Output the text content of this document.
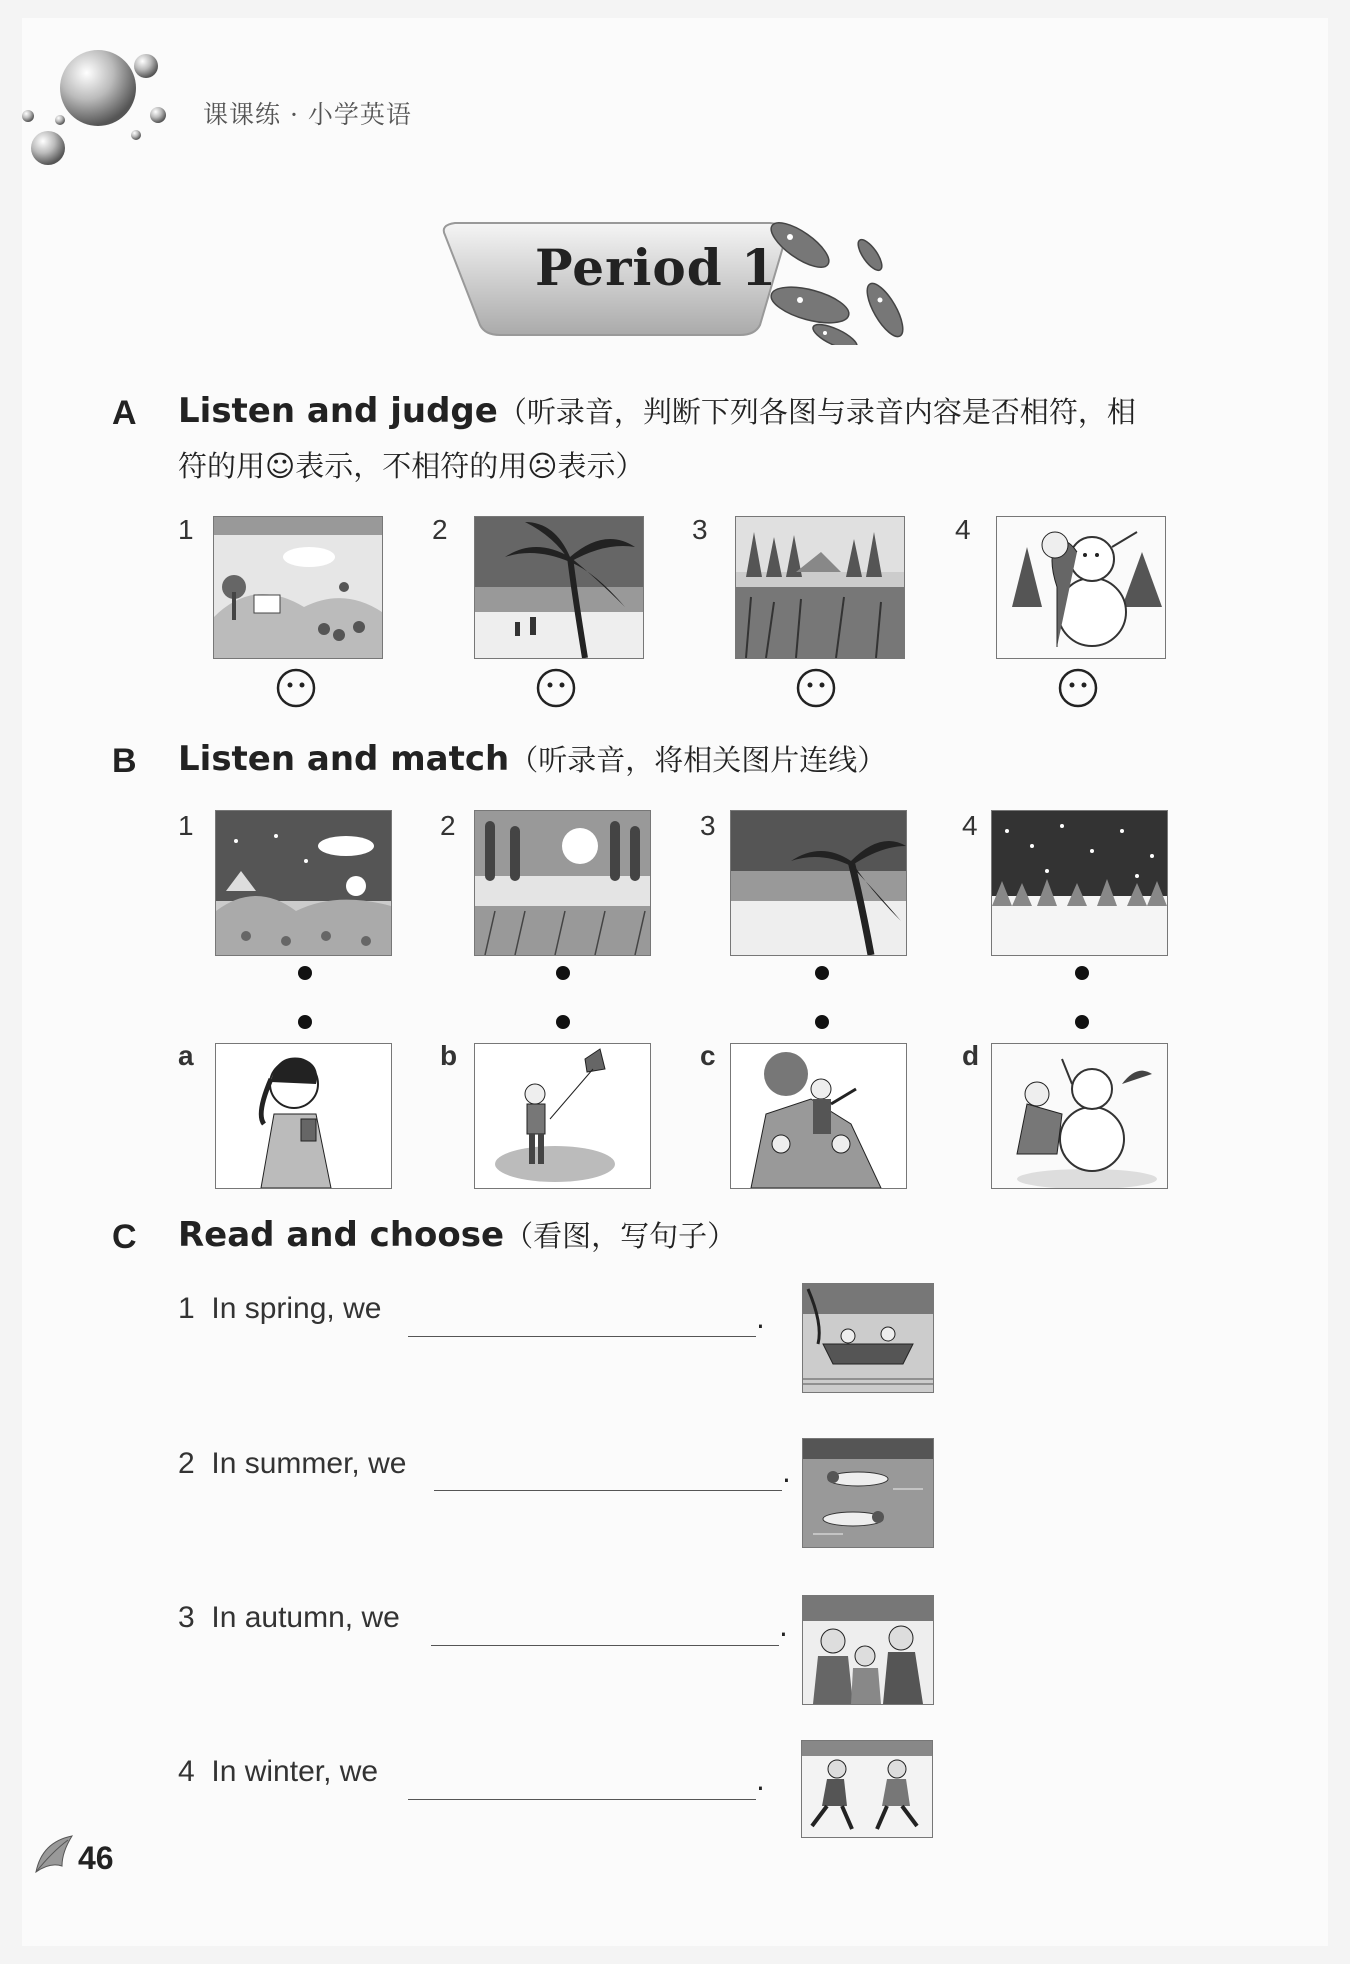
课课练 · 小学英语
Period 1
A Listen and judge（听录音，判断下列各图与录音内容是否相符，相
符的用☺表示，不相符的用☹表示）
1	2	3	4
B Listen and match（听录音，将相关图片连线）
1	2	3	4
a	b	c	d
C Read and choose（看图，写句子）
1 In spring, we	.
2 In summer, we	.
3 In autumn, we	.
4 In winter, we	.
46
